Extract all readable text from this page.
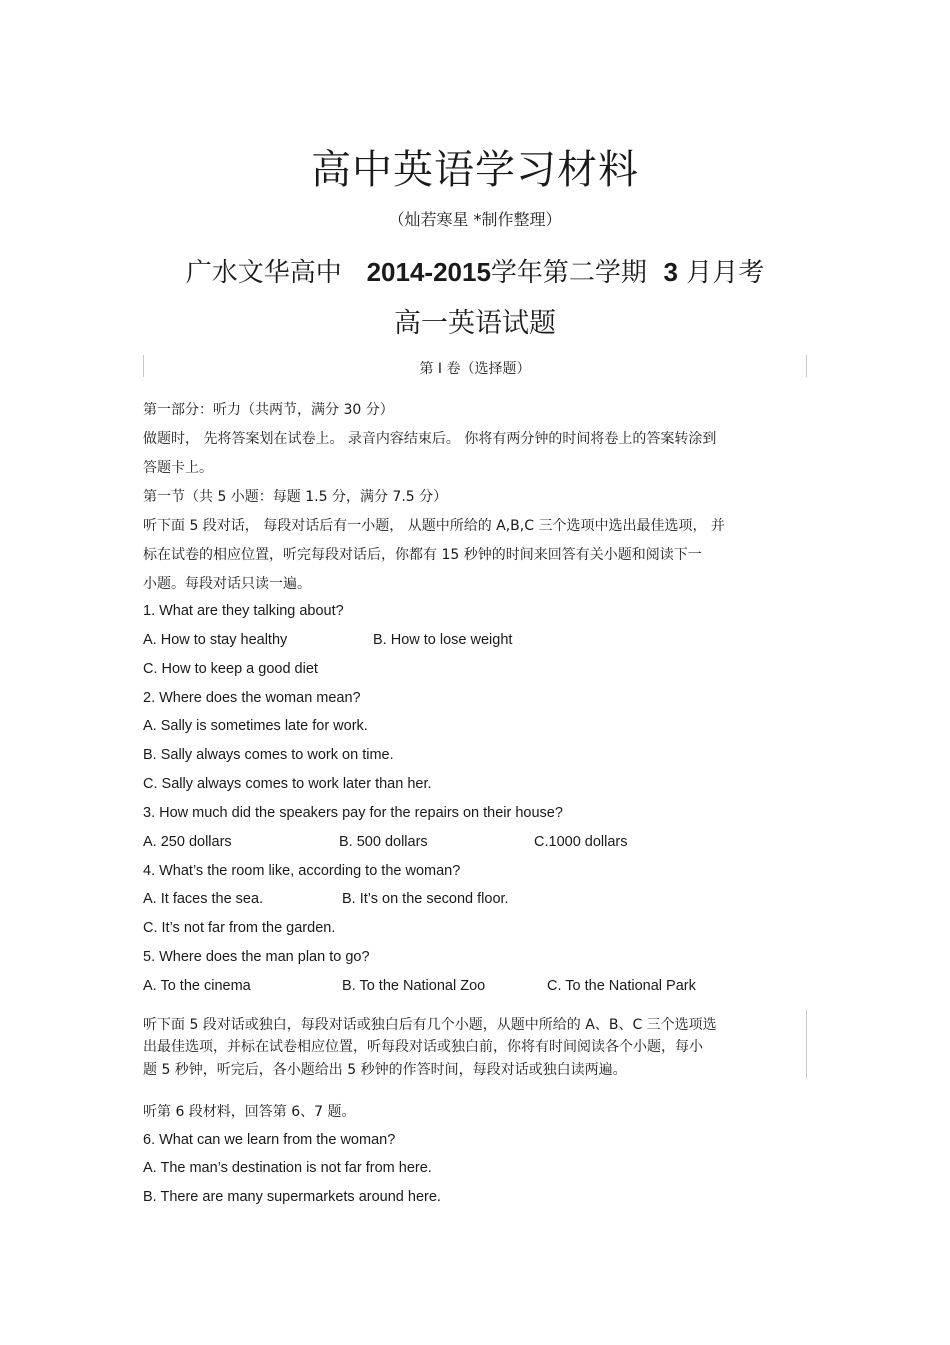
高中英语学习材料
（灿若寒星 *制作整理）
广水文华高中 2014-2015学年第二学期 3 月月考
高一英语试题
第 Ⅰ 卷（选择题）
第一部分：听力（共两节，满分 30 分）
做题时， 先将答案划在试卷上。 录音内容结束后。 你将有两分钟的时间将卷上的答案转涂到
答题卡上。
第一节（共 5 小题：每题 1.5 分，满分 7.5 分）
听下面 5 段对话， 每段对话后有一小题， 从题中所给的 A,B,C 三个选项中选出最佳选项， 并
标在试卷的相应位置，听完每段对话后，你都有 15 秒钟的时间来回答有关小题和阅读下一
小题。每段对话只读一遍。
1. What are they talking about?
A. How to stay healthy	B. How to lose weight
C. How to keep a good diet
2. Where does the woman mean?
A. Sally is sometimes late for work.
B. Sally always comes to work on time.
C. Sally always comes to work later than her.
3. How much did the speakers pay for the repairs on their house?
A. 250 dollars	B. 500 dollars	C.1000 dollars
4. What’s the room like, according to the woman?
A. It faces the sea.	B. It’s on the second floor.
C. It’s not far from the garden.
5. Where does the man plan to go?
A. To the cinema	B. To the National Zoo	C. To the National Park
听下面 5 段对话或独白，每段对话或独白后有几个小题，从题中所给的 A、B、C 三个选项选
出最佳选项，并标在试卷相应位置，听每段对话或独白前，你将有时间阅读各个小题，每小
题 5 秒钟，听完后，各小题给出 5 秒钟的作答时间，每段对话或独白读两遍。
听第 6 段材料，回答第 6、7 题。
6. What can we learn from the woman?
A. The man’s destination is not far from here.
B. There are many supermarkets around here.
